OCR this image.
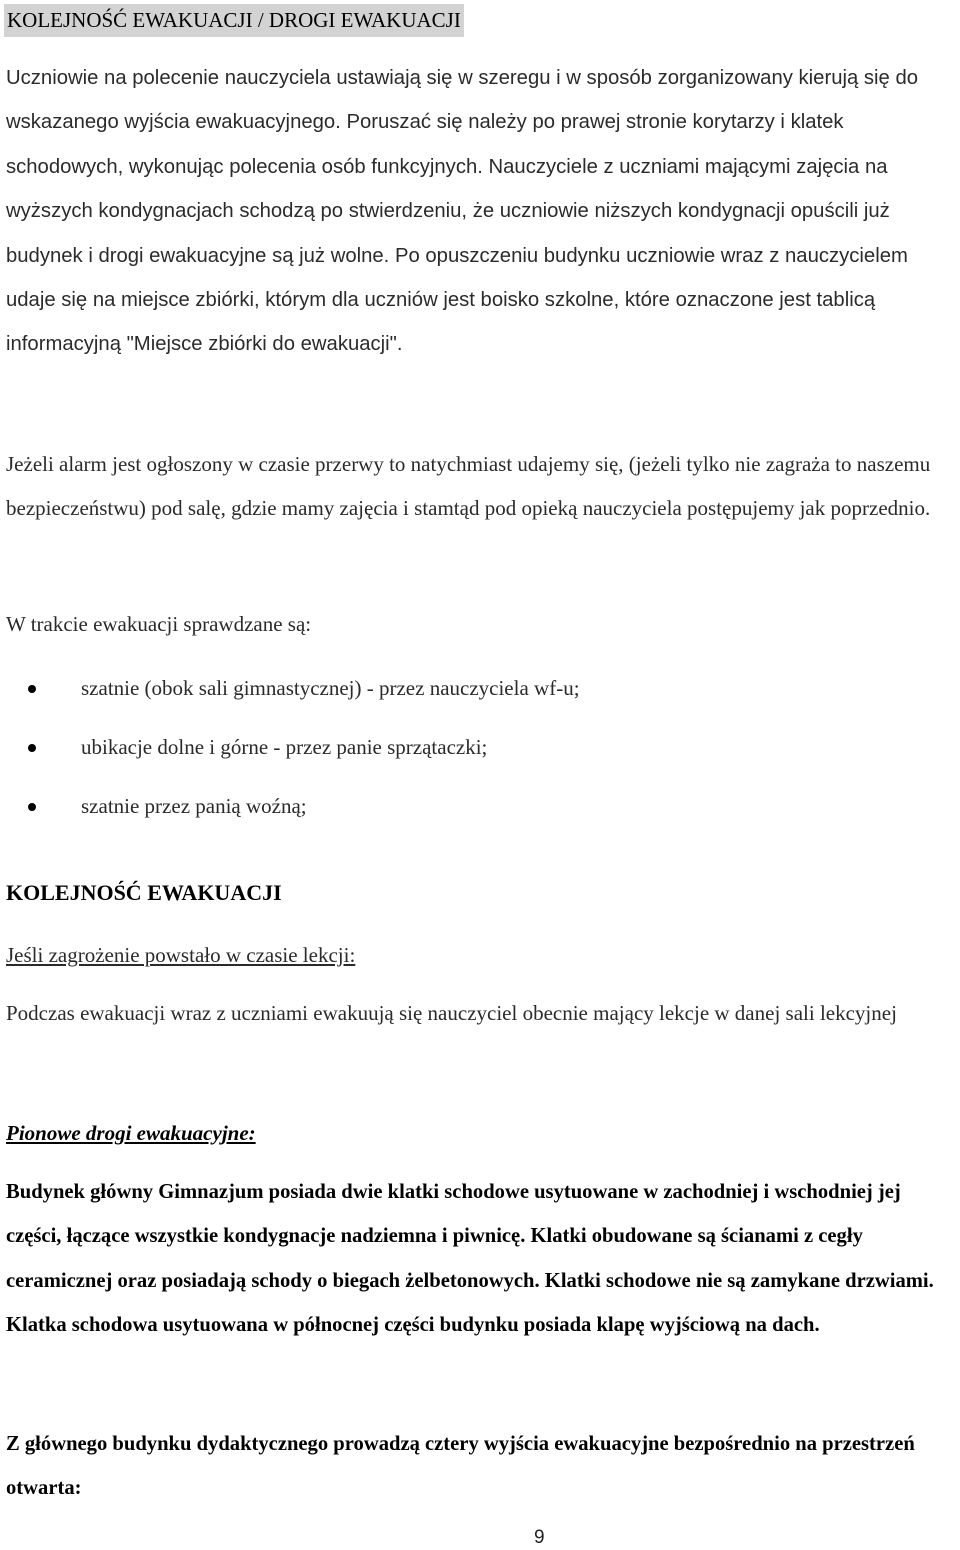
KOLEJNOŚĆ EWAKUACJI / DROGI EWAKUACJI

Uczniowie na polecenie nauczyciela ustawiają się w szeregu i w sposób zorganizowany kierują się do wskazanego wyjścia ewakuacyjnego. Poruszać się należy po prawej stronie korytarzy i klatek schodowych, wykonując polecenia osób funkcyjnych. Nauczyciele z uczniami mającymi zajęcia na wyższych kondygnacjach schodzą po stwierdzeniu, że uczniowie niższych kondygnacji opuścili już budynek i drogi ewakuacyjne są już wolne. Po opuszczeniu budynku uczniowie wraz z nauczycielem udaje się na miejsce zbiórki, którym dla uczniów jest boisko szkolne, które oznaczone jest tablicą informacyjną "Miejsce zbiórki do ewakuacji".

Jeżeli alarm jest ogłoszony w czasie przerwy to natychmiast udajemy się, (jeżeli tylko nie zagraża to naszemu bezpieczeństwu) pod salę, gdzie mamy zajęcia i stamtąd pod opieką nauczyciela postępujemy jak poprzednio.

W trakcie ewakuacji sprawdzane są:

szatnie (obok sali gimnastycznej) - przez nauczyciela wf-u;
ubikacje dolne i górne - przez panie sprzątaczki;
szatnie przez panią woźną;
KOLEJNOŚĆ EWAKUACJI
Jeśli zagrożenie powstało w czasie lekcji:

Podczas ewakuacji wraz z uczniami ewakuują się nauczyciel obecnie mający lekcje w danej sali lekcyjnej

Pionowe drogi ewakuacyjne:

Budynek główny Gimnazjum posiada dwie klatki schodowe usytuowane w zachodniej i wschodniej jej części, łączące wszystkie kondygnacje nadziemna i piwnicę. Klatki obudowane są ścianami z cegły ceramicznej oraz posiadają schody o biegach żelbetonowych. Klatki schodowe nie są zamykane drzwiami. Klatka schodowa usytuowana w północnej części budynku posiada klapę wyjściową na dach.

Z głównego budynku dydaktycznego prowadzą cztery wyjścia ewakuacyjne bezpośrednio na przestrzeń otwarta:

9
